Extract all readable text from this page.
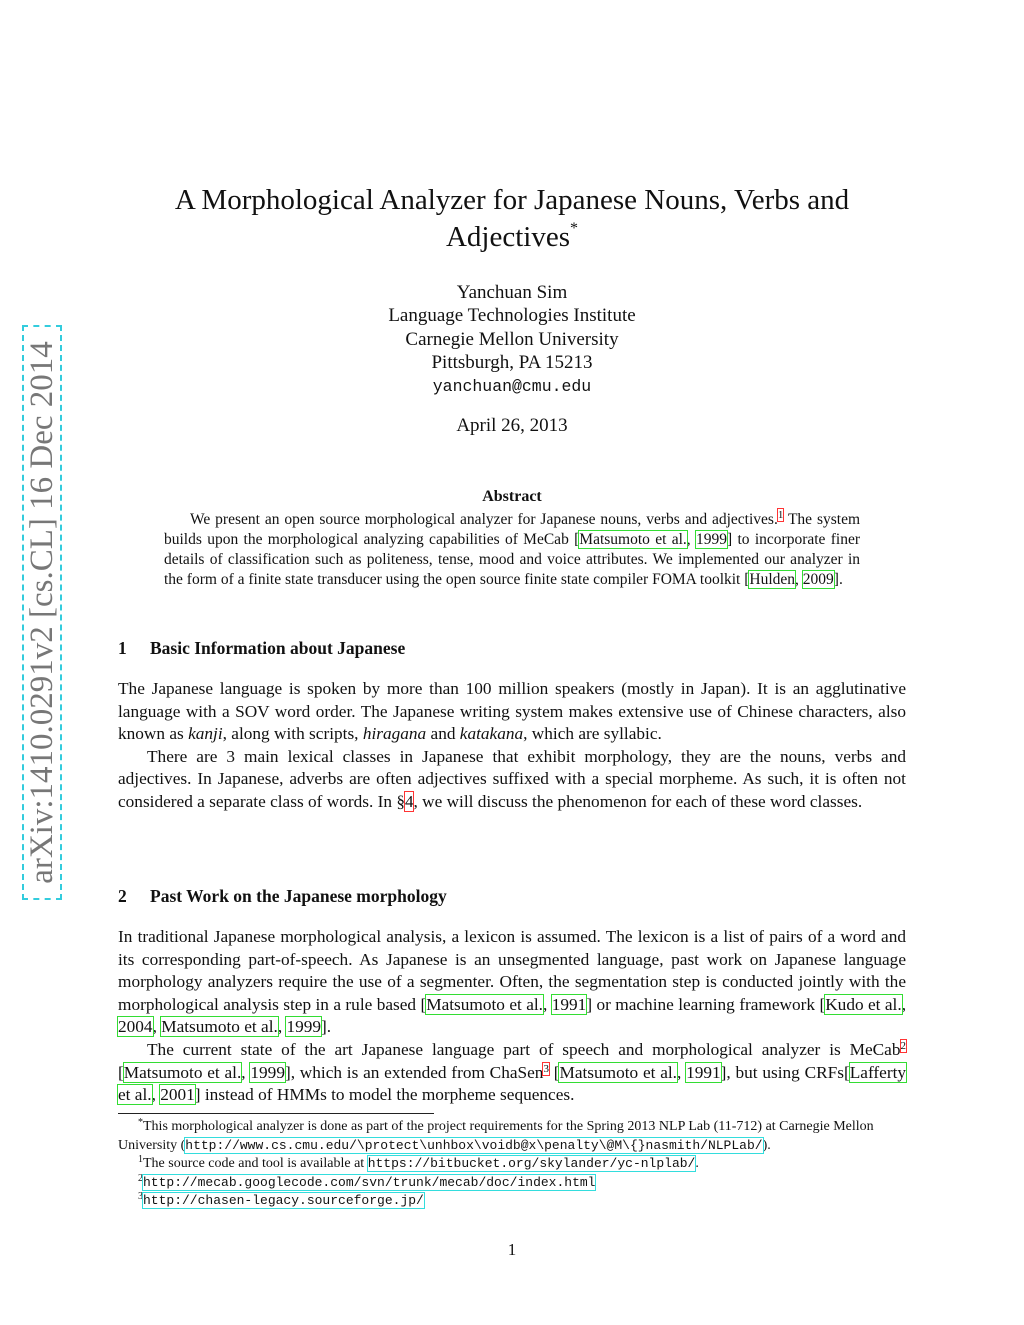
arXiv:1410.0291v2 [cs.CL] 16 Dec 2014
A Morphological Analyzer for Japanese Nouns, Verbs and Adjectives*
Yanchuan Sim
Language Technologies Institute
Carnegie Mellon University
Pittsburgh, PA 15213
yanchuan@cmu.edu
April 26, 2013
Abstract

We present an open source morphological analyzer for Japanese nouns, verbs and adjectives.$^1$ The system builds upon the morphological analyzing capabilities of MeCab [Matsumoto et al., 1999] to incorporate finer details of classification such as politeness, tense, mood and voice attributes. We implemented our analyzer in the form of a finite state transducer using the open source finite state compiler FOMA toolkit [Hulden, 2009].

1 Basic Information about Japanese

The Japanese language is spoken by more than 100 million speakers (mostly in Japan). It is an agglutinative language with a SOV word order. The Japanese writing system makes extensive use of Chinese characters, also known as kanji, along with scripts, hiragana and katakana, which are syllabic.

There are 3 main lexical classes in Japanese that exhibit morphology, they are the nouns, verbs and adjectives. In Japanese, adverbs are often adjectives suffixed with a special morpheme. As such, it is often not considered a separate class of words. In §4, we will discuss the phenomenon for each of these word classes.

2 Past Work on the Japanese morphology

In traditional Japanese morphological analysis, a lexicon is assumed. The lexicon is a list of pairs of a word and its corresponding part-of-speech. As Japanese is an unsegmented language, past work on Japanese language morphology analyzers require the use of a segmenter. Often, the segmentation step is conducted jointly with the morphological analysis step in a rule based [Matsumoto et al., 1991] or machine learning framework [Kudo et al., 2004, Matsumoto et al., 1999].

The current state of the art Japanese language part of speech and morphological analyzer is MeCab$^2$ [Matsumoto et al., 1999], which is an extended from ChaSen$^3$ [Matsumoto et al., 1991], but using CRFs[Lafferty et al., 2001] instead of HMMs to model the morpheme sequences.

*This morphological analyzer is done as part of the project requirements for the Spring 2013 NLP Lab (11-712) at Carnegie Mellon University (http://www.cs.cmu.edu/\protect\unhbox\voidb@x\penalty\@M\{}nasmith/NLPLab/).

$^1$The source code and tool is available at https://bitbucket.org/skylander/yc-nlplab/.

$^2$http://mecab.googlecode.com/svn/trunk/mecab/doc/index.html

$^3$http://chasen-legacy.sourceforge.jp/

1
